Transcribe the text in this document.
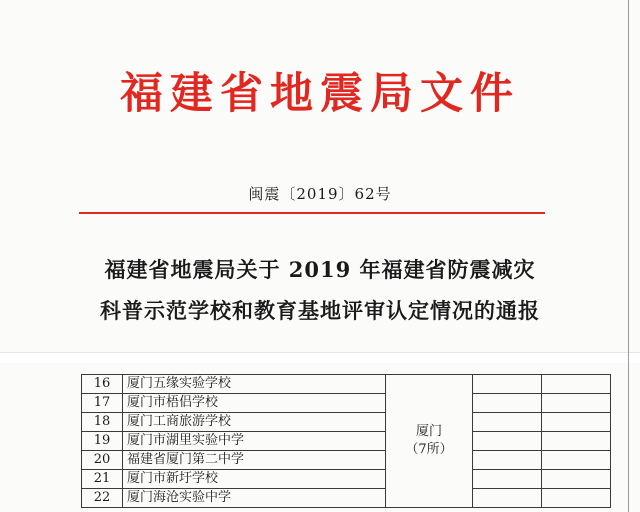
福建省地震局文件
闽震〔2019〕62号
福建省地震局关于 2019 年福建省防震减灾
科普示范学校和教育基地评审认定情况的通报
16	厦门五缘实验学校	厦门
（7所）		

17	厦门市梧侣学校			
18	厦门工商旅游学校			
19	厦门市湖里实验中学			
20	福建省厦门第二中学			
21	厦门市新圩学校			
22	厦门海沧实验中学			
